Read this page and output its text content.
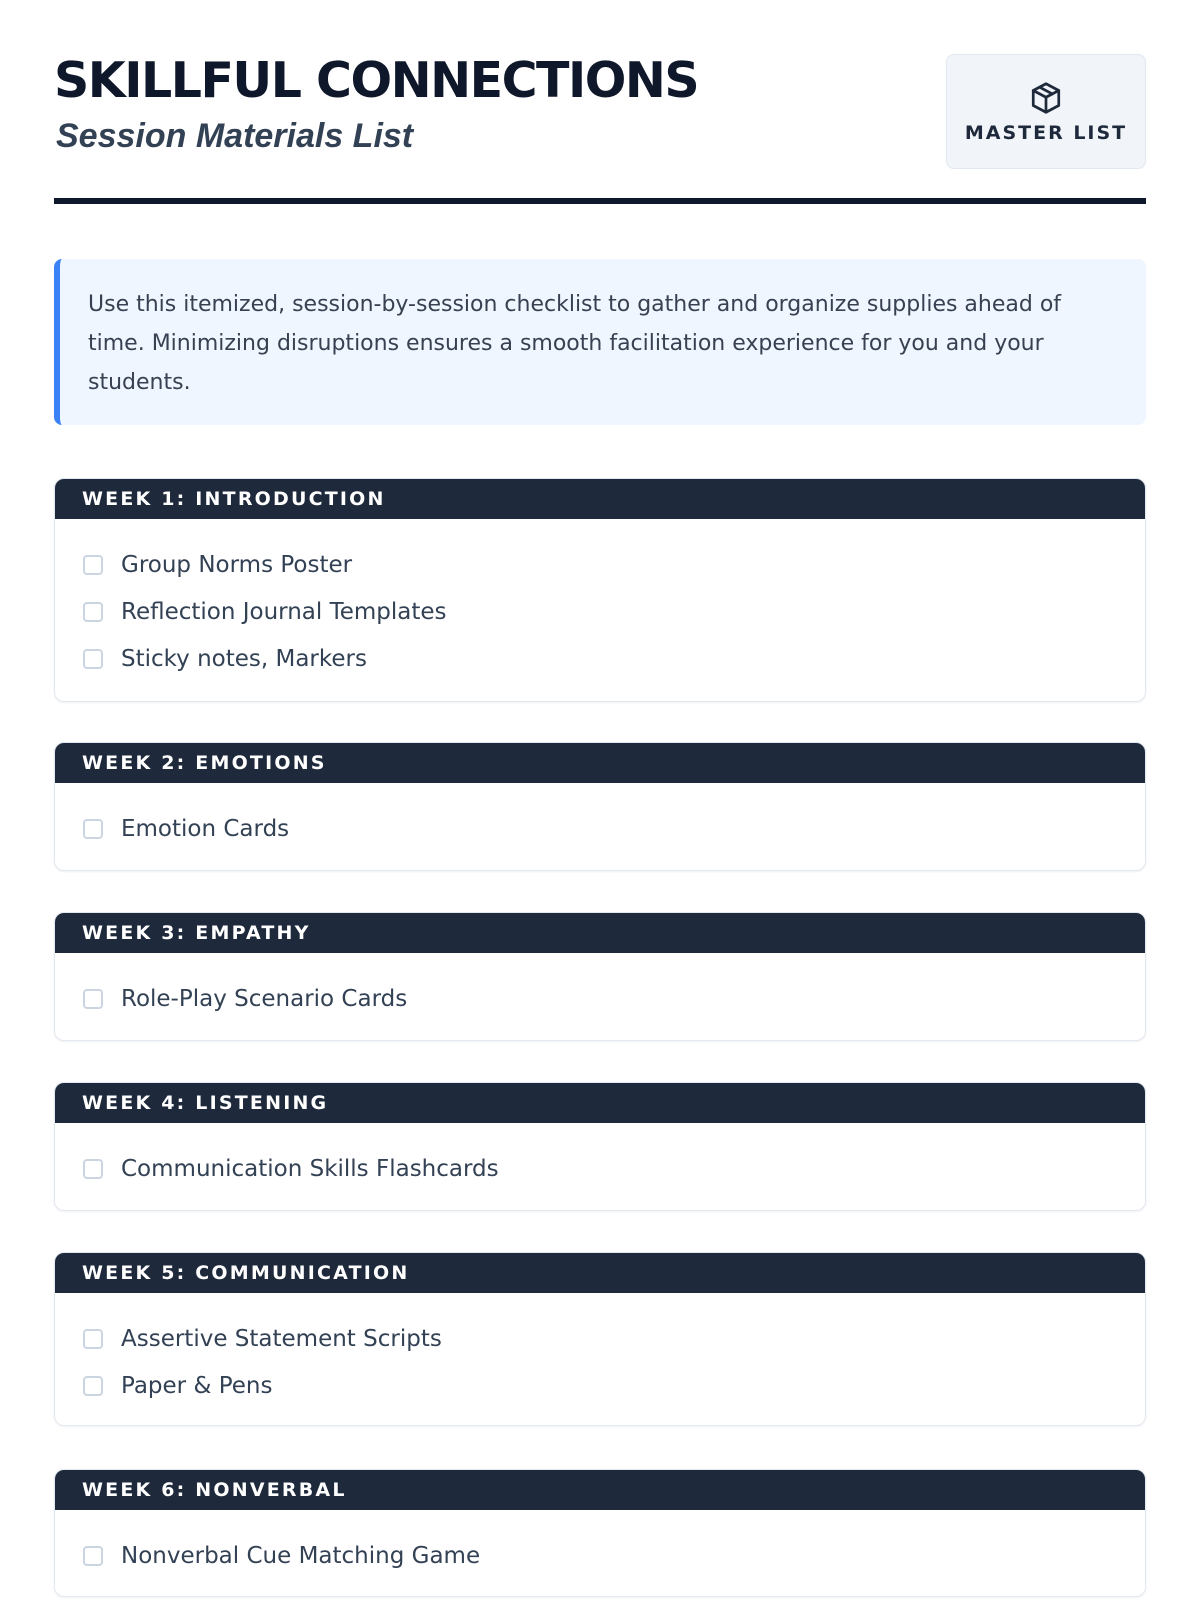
SKILLFUL CONNECTIONS
Session Materials List	MASTER LIST
Use this itemized, session-by-session checklist to gather and organize supplies ahead of time. Minimizing disruptions ensures a smooth facilitation experience for you and your students.
WEEK 1: INTRODUCTION
Group Norms Poster
Reflection Journal Templates
Sticky notes, Markers
WEEK 2: EMOTIONS
Emotion Cards
WEEK 3: EMPATHY
Role-Play Scenario Cards
WEEK 4: LISTENING
Communication Skills Flashcards
WEEK 5: COMMUNICATION
Assertive Statement Scripts
Paper & Pens
WEEK 6: NONVERBAL
Nonverbal Cue Matching Game
